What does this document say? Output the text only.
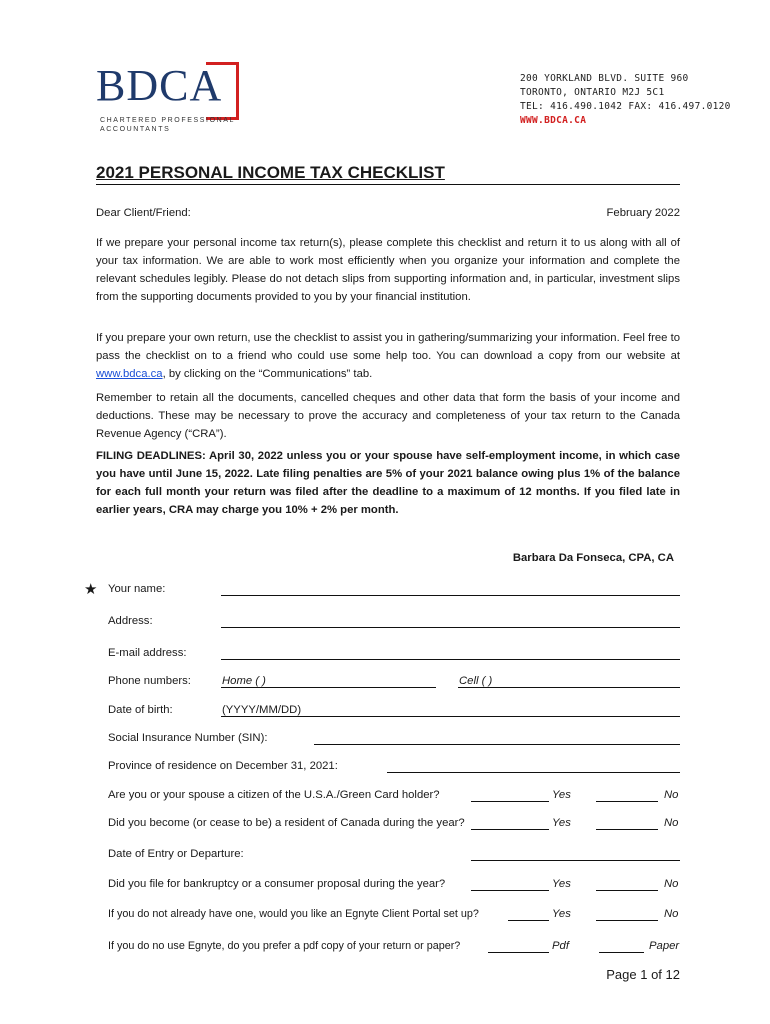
BDCA
CHARTERED PROFESSIONAL
ACCOUNTANTS
200 YORKLAND BLVD. SUITE 960
TORONTO, ONTARIO M2J 5C1
TEL: 416.490.1042 FAX: 416.497.0120
WWW.BDCA.CA
2021 PERSONAL INCOME TAX CHECKLIST
Dear Client/Friend:	February 2022
If we prepare your personal income tax return(s), please complete this checklist and return it to us along with all of your tax information. We are able to work most efficiently when you organize your information and complete the relevant schedules legibly. Please do not detach slips from supporting information and, in particular, investment slips from the supporting documents provided to you by your financial institution.
If you prepare your own return, use the checklist to assist you in gathering/summarizing your information. Feel free to pass the checklist on to a friend who could use some help too. You can download a copy from our website at www.bdca.ca, by clicking on the “Communications” tab.
Remember to retain all the documents, cancelled cheques and other data that form the basis of your income and deductions. These may be necessary to prove the accuracy and completeness of your tax return to the Canada Revenue Agency (“CRA”).
FILING DEADLINES: April 30, 2022 unless you or your spouse have self-employment income, in which case you have until June 15, 2022. Late filing penalties are 5% of your 2021 balance owing plus 1% of the balance for each full month your return was filed after the deadline to a maximum of 12 months. If you filed late in earlier years, CRA may charge you 10% + 2% per month.
Barbara Da Fonseca, CPA, CA
★ Your name:
Address:
E-mail address:
Phone numbers:	Home ( )	Cell ( )
Date of birth:	(YYYY/MM/DD)
Social Insurance Number (SIN):
Province of residence on December 31, 2021:
Are you or your spouse a citizen of the U.S.A./Green Card holder?	Yes	No
Did you become (or cease to be) a resident of Canada during the year?	Yes	No
Date of Entry or Departure:
Did you file for bankruptcy or a consumer proposal during the year?	Yes	No
If you do not already have one, would you like an Egnyte Client Portal set up?	Yes	No
If you do no use Egnyte, do you prefer a pdf copy of your return or paper?	Pdf	Paper
Page 1 of 12
